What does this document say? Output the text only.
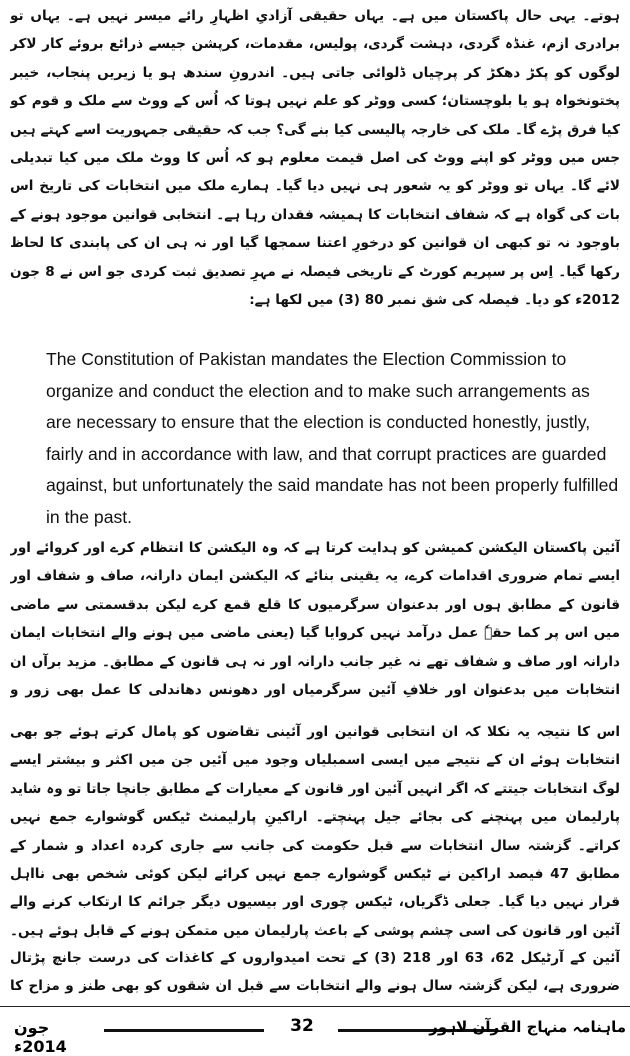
ہوتے۔ یہی حال پاکستان میں ہے۔ یہاں حقیقی آزادیِ اظہارِ رائے میسر نہیں ہے۔ یہاں تو برادری ازم، غنڈہ گردی، دہشت گردی، پولیس، مقدمات، کرپشن جیسے ذرائع بروئے کار لاکر لوگوں کو پکڑ دھکڑ کر پرچیاں ڈلوائی جاتی ہیں۔ اندرونِ سندھ ہو یا زیریں پنجاب، خیبر پختونخواہ ہو یا بلوچستان؛ کسی ووٹر کو علم نہیں ہوتا کہ اُس کے ووٹ سے ملک و قوم کو کیا فرق پڑے گا۔ ملک کی خارجہ پالیسی کیا بنے گی؟ جب کہ حقیقی جمہوریت اسے کہتے ہیں جس میں ووٹر کو اپنے ووٹ کی اصل قیمت معلوم ہو کہ اُس کا ووٹ ملک میں کیا تبدیلی لائے گا۔ یہاں تو ووٹر کو یہ شعور ہی نہیں دیا گیا۔ ہمارے ملک میں انتخابات کی تاریخ اس بات کی گواہ ہے کہ شفاف انتخابات کا ہمیشہ فقدان رہا ہے۔ انتخابی قوانین موجود ہونے کے باوجود نہ تو کبھی ان قوانین کو درخورِ اعتنا سمجھا گیا اور نہ ہی ان کی پابندی کا لحاظ رکھا گیا۔ اِس پر سپریم کورٹ کے تاریخی فیصلہ نے مہرِ تصدیق ثبت کردی جو اس نے 8 جون 2012ء کو دیا۔ فیصلہ کی شق نمبر 80 (3) میں لکھا ہے:

The Constitution of Pakistan mandates the Election Commission to organize and conduct the election and to make such arrangements as are necessary to ensure that the election is conducted honestly, justly, fairly and in accordance with law, and that corrupt practices are guarded against, but unfortunately the said mandate has not been properly fulfilled in the past.

آئین پاکستان الیکشن کمیشن کو ہدایت کرتا ہے کہ وہ الیکشن کا انتظام کرے اور کروائے اور ایسے تمام ضروری اقدامات کرے، یہ یقینی بنائے کہ الیکشن ایمان دارانہ، صاف و شفاف اور قانون کے مطابق ہوں اور بدعنوان سرگرمیوں کا قلع قمع کرے لیکن بدقسمتی سے ماضی میں اس پر کما حقہٗ عمل درآمد نہیں کروایا گیا (یعنی ماضی میں ہونے والے انتخابات ایمان دارانہ اور صاف و شفاف تھے نہ غیر جانب دارانہ اور نہ ہی قانون کے مطابق۔ مزید برآں ان انتخابات میں بدعنوان اور خلافِ آئین سرگرمیاں اور دھونس دھاندلی کا عمل بھی زور و

اس کا نتیجہ یہ نکلا کہ ان انتخابی قوانین اور آئینی تقاضوں کو پامال کرتے ہوئے جو بھی انتخابات ہوئے ان کے نتیجے میں ایسی اسمبلیاں وجود میں آئیں جن میں اکثر و بیشتر ایسے لوگ انتخابات جیتتے کہ اگر انہیں آئین اور قانون کے معیارات کے مطابق جانچا جاتا تو وہ شاید پارلیمان میں پہنچنے کی بجائے جیل پہنچتے۔ اراکینِ پارلیمنٹ ٹیکس گوشوارے جمع نہیں کراتے۔ گزشتہ سال انتخابات سے قبل حکومت کی جانب سے جاری کردہ اعداد و شمار کے مطابق 47 فیصد اراکین نے ٹیکس گوشوارے جمع نہیں کرائے لیکن کوئی شخص بھی نااہل قرار نہیں دیا گیا۔ جعلی ڈگریاں، ٹیکس چوری اور بیسیوں دیگر جرائم کا ارتکاب کرنے والے آئین اور قانون کی اسی چشم پوشی کے باعث پارلیمان میں متمکن ہونے کے قابل ہوئے ہیں۔

آئین کے آرٹیکل 62، 63 اور 218 (3) کے تحت امیدواروں کے کاغذات کی درست جانچ پڑتال ضروری ہے، لیکن گزشتہ سال ہونے والے انتخابات سے قبل ان شقوں کو بھی طنز و مزاح کا

جون 2014ء
32	ماہنامہ منہاج القرآن لاہور
